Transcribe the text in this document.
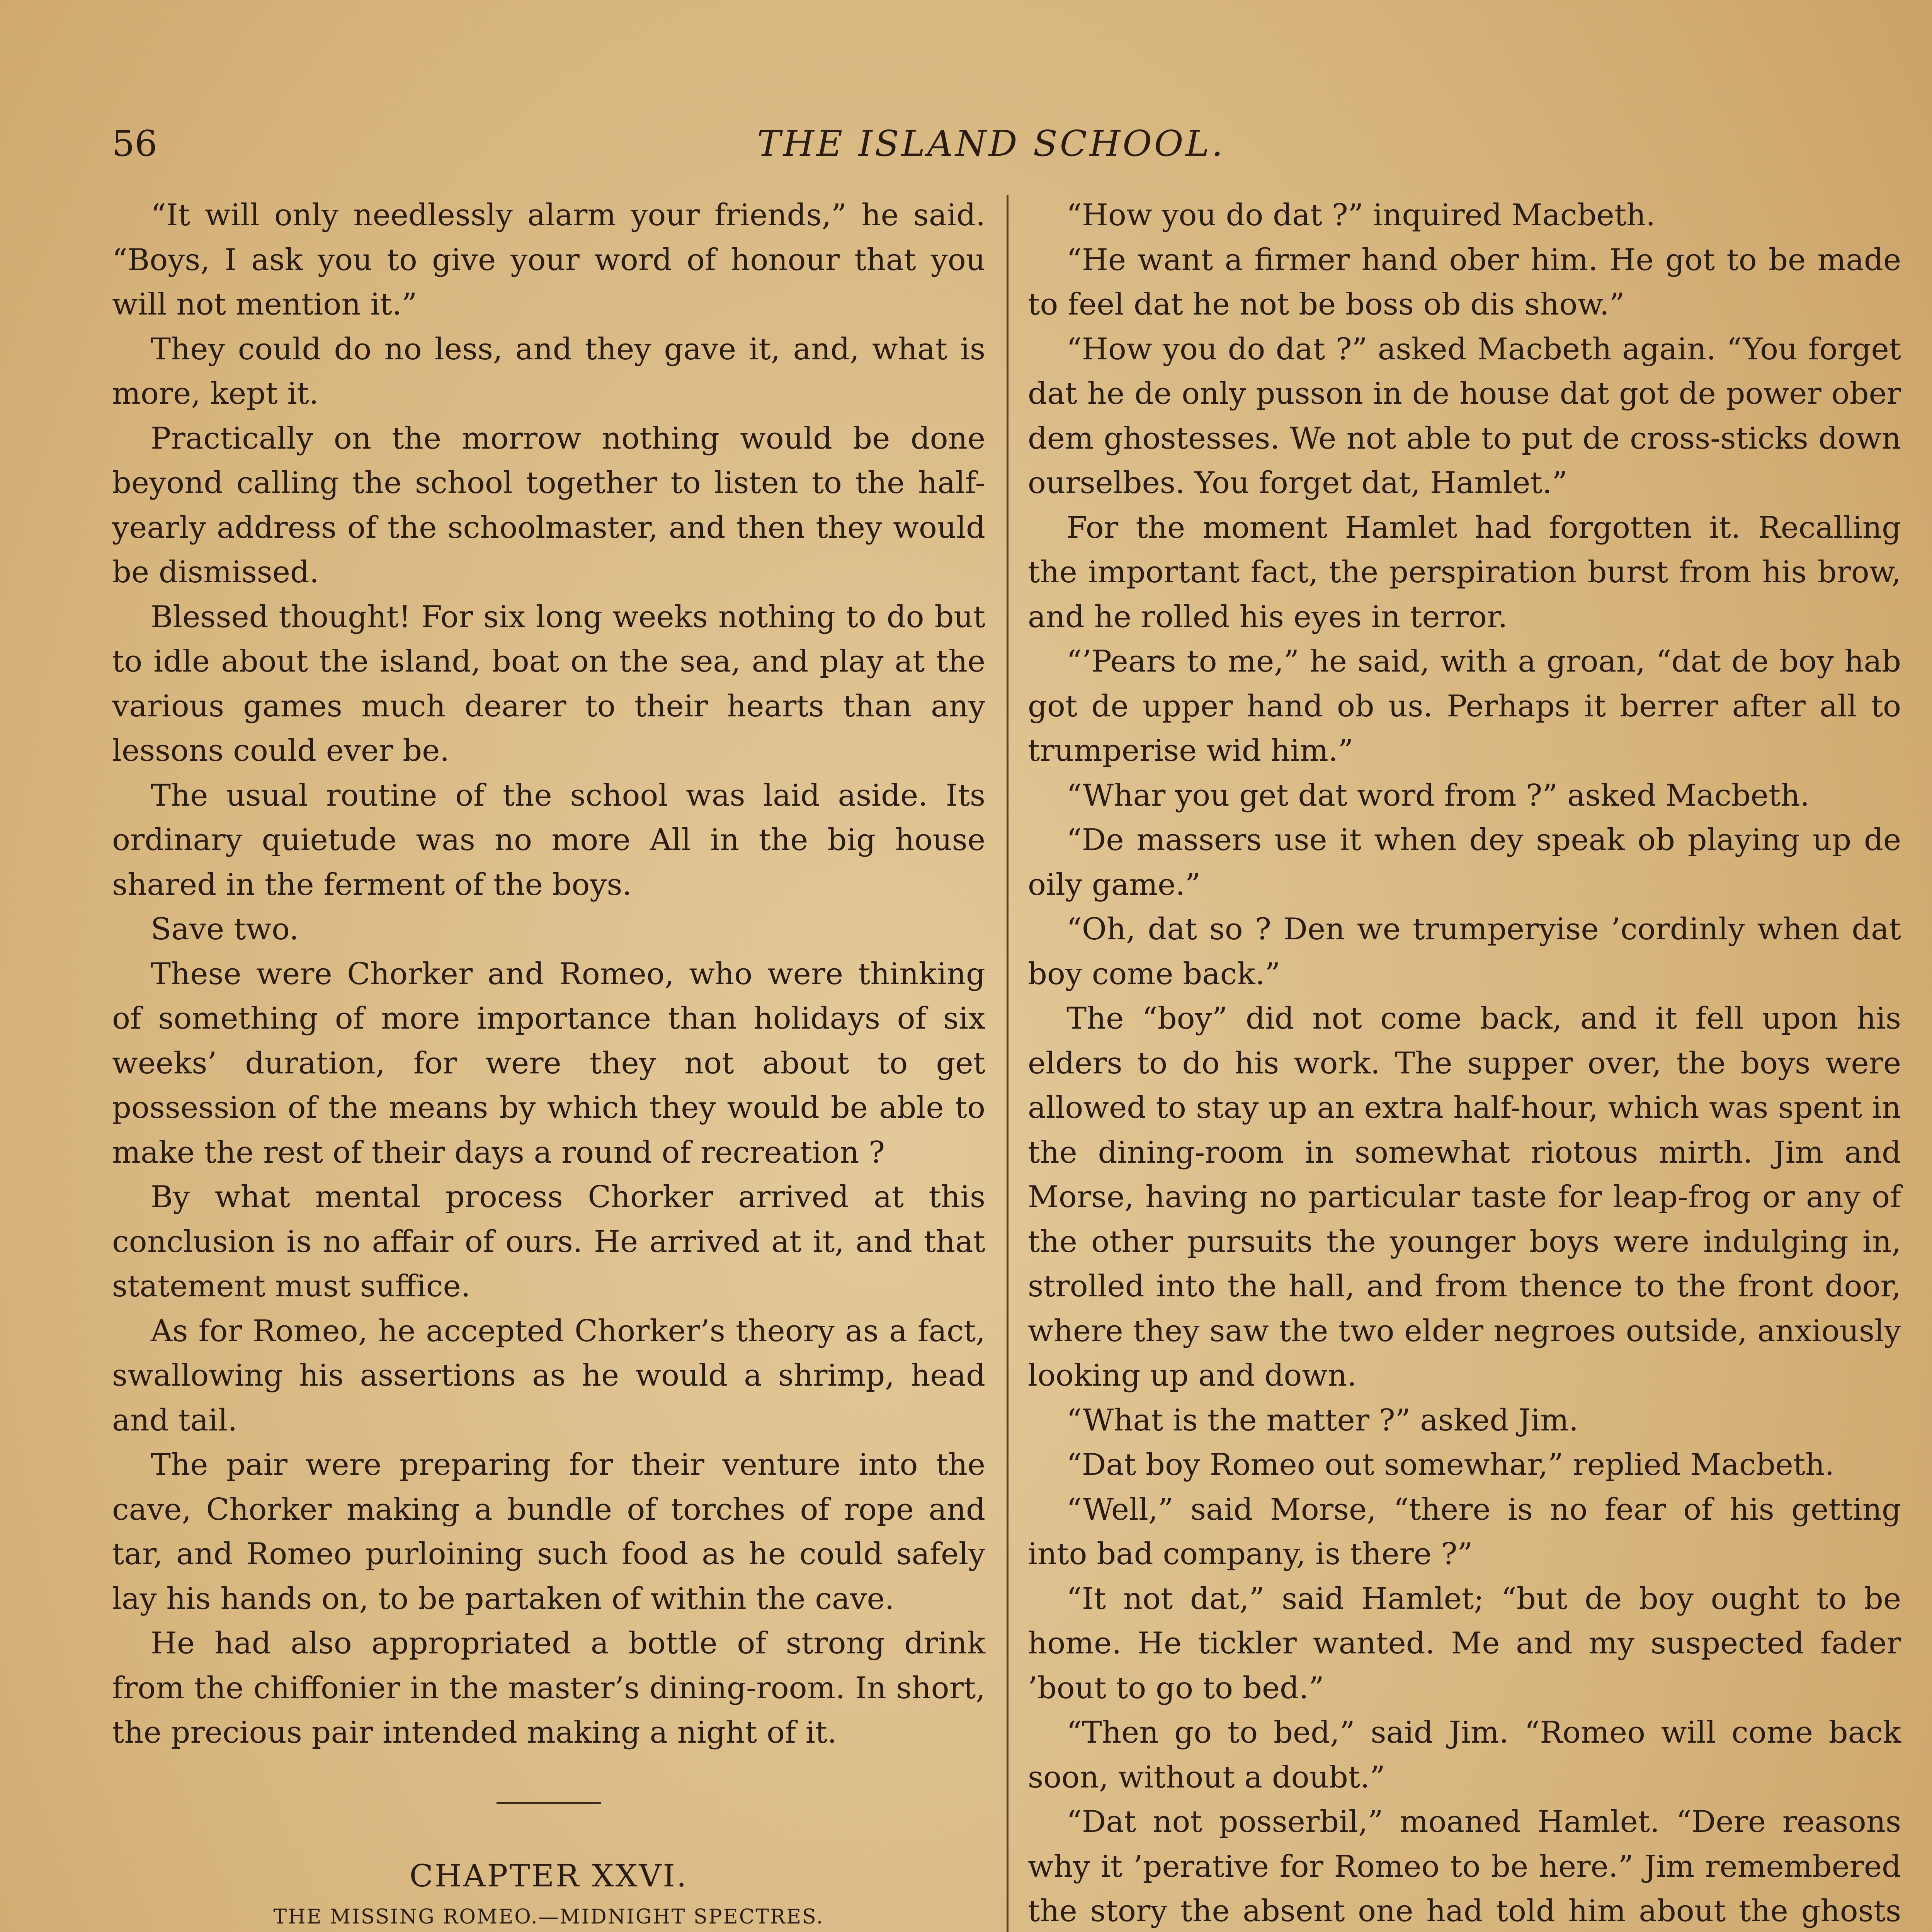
56	THE ISLAND SCHOOL.

“It will only needlessly alarm your friends,” he said. “Boys, I ask you to give your word of honour that you will not mention it.”

They could do no less, and they gave it, and, what is more, kept it.

Practically on the morrow nothing would be done beyond calling the school together to listen to the half-yearly address of the schoolmaster, and then they would be dismissed.

Blessed thought! For six long weeks nothing to do but to idle about the island, boat on the sea, and play at the various games much dearer to their hearts than any lessons could ever be.

The usual routine of the school was laid aside. Its ordinary quietude was no more All in the big house shared in the ferment of the boys.

Save two.

These were Chorker and Romeo, who were thinking of something of more importance than holidays of six weeks’ duration, for were they not about to get possession of the means by which they would be able to make the rest of their days a round of recreation ?

By what mental process Chorker arrived at this conclusion is no affair of ours. He arrived at it, and that statement must suffice.

As for Romeo, he accepted Chorker’s theory as a fact, swallowing his assertions as he would a shrimp, head and tail.

The pair were preparing for their venture into the cave, Chorker making a bundle of torches of rope and tar, and Romeo purloining such food as he could safely lay his hands on, to be partaken of within the cave.

He had also appropriated a bottle of strong drink from the chiffonier in the master’s dining-room. In short, the precious pair intended making a night of it.

CHAPTER XXVI.
THE MISSING ROMEO.—MIDNIGHT SPECTRES.

“How you do dat ?” inquired Macbeth.

“He want a firmer hand ober him. He got to be made to feel dat he not be boss ob dis show.”

“How you do dat ?” asked Macbeth again. “You forget dat he de only pusson in de house dat got de power ober dem ghostesses. We not able to put de cross-sticks down ourselbes. You forget dat, Hamlet.”

For the moment Hamlet had forgotten it. Recalling the important fact, the perspiration burst from his brow, and he rolled his eyes in terror.

“’Pears to me,” he said, with a groan, “dat de boy hab got de upper hand ob us. Perhaps it berrer after all to trumperise wid him.”

“Whar you get dat word from ?” asked Macbeth.

“De massers use it when dey speak ob playing up de oily game.”

“Oh, dat so ? Den we trumperyise ’cordinly when dat boy come back.”

The “boy” did not come back, and it fell upon his elders to do his work. The supper over, the boys were allowed to stay up an extra half-hour, which was spent in the dining-room in somewhat riotous mirth. Jim and Morse, having no particular taste for leap-frog or any of the other pursuits the younger boys were indulging in, strolled into the hall, and from thence to the front door, where they saw the two elder negroes outside, anxiously looking up and down.

“What is the matter ?” asked Jim.

“Dat boy Romeo out somewhar,” replied Macbeth.

“Well,” said Morse, “there is no fear of his getting into bad company, is there ?”

“It not dat,” said Hamlet; “but de boy ought to be home. He tickler wanted. Me and my suspected fader ’bout to go to bed.”

“Then go to bed,” said Jim. “Romeo will come back soon, without a doubt.”

“Dat not posserbil,” moaned Hamlet. “Dere reasons why it ’perative for Romeo to be here.” Jim remembered the story the absent one had told him about the ghosts
